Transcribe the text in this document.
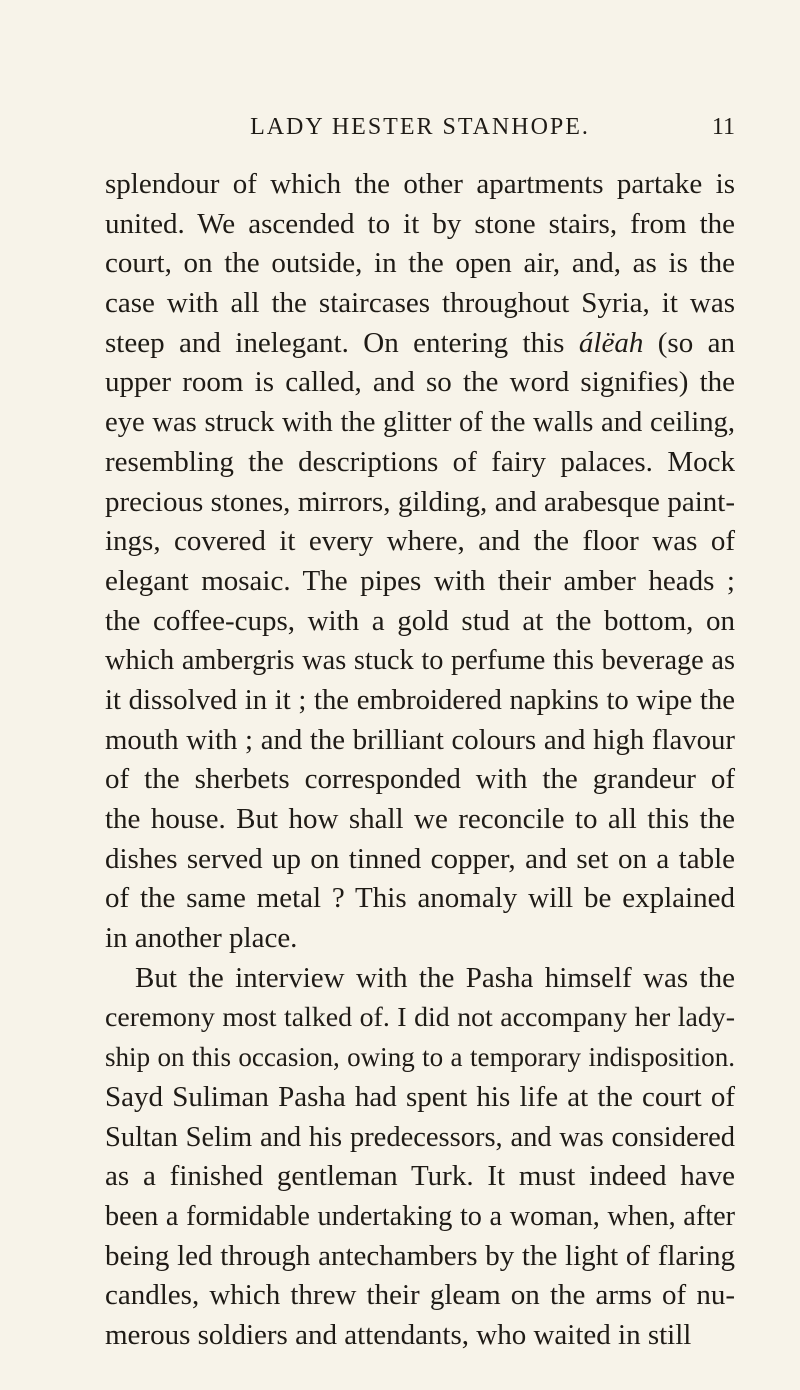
LADY HESTER STANHOPE.	11
splendour of which the other apartments partake is
united. We ascended to it by stone stairs, from the
court, on the outside, in the open air, and, as is the
case with all the staircases throughout Syria, it was
steep and inelegant. On entering this álëah (so an
upper room is called, and so the word signifies) the
eye was struck with the glitter of the walls and ceiling,
resembling the descriptions of fairy palaces. Mock
precious stones, mirrors, gilding, and arabesque paint-
ings, covered it every where, and the floor was of
elegant mosaic. The pipes with their amber heads ;
the coffee-cups, with a gold stud at the bottom, on
which ambergris was stuck to perfume this beverage as
it dissolved in it ; the embroidered napkins to wipe the
mouth with ; and the brilliant colours and high flavour
of the sherbets corresponded with the grandeur of
the house. But how shall we reconcile to all this the
dishes served up on tinned copper, and set on a table
of the same metal ? This anomaly will be explained
in another place.
But the interview with the Pasha himself was the
ceremony most talked of. I did not accompany her lady-
ship on this occasion, owing to a temporary indisposition.
Sayd Suliman Pasha had spent his life at the court of
Sultan Selim and his predecessors, and was considered
as a finished gentleman Turk. It must indeed have
been a formidable undertaking to a woman, when, after
being led through antechambers by the light of flaring
candles, which threw their gleam on the arms of nu-
merous soldiers and attendants, who waited in still
